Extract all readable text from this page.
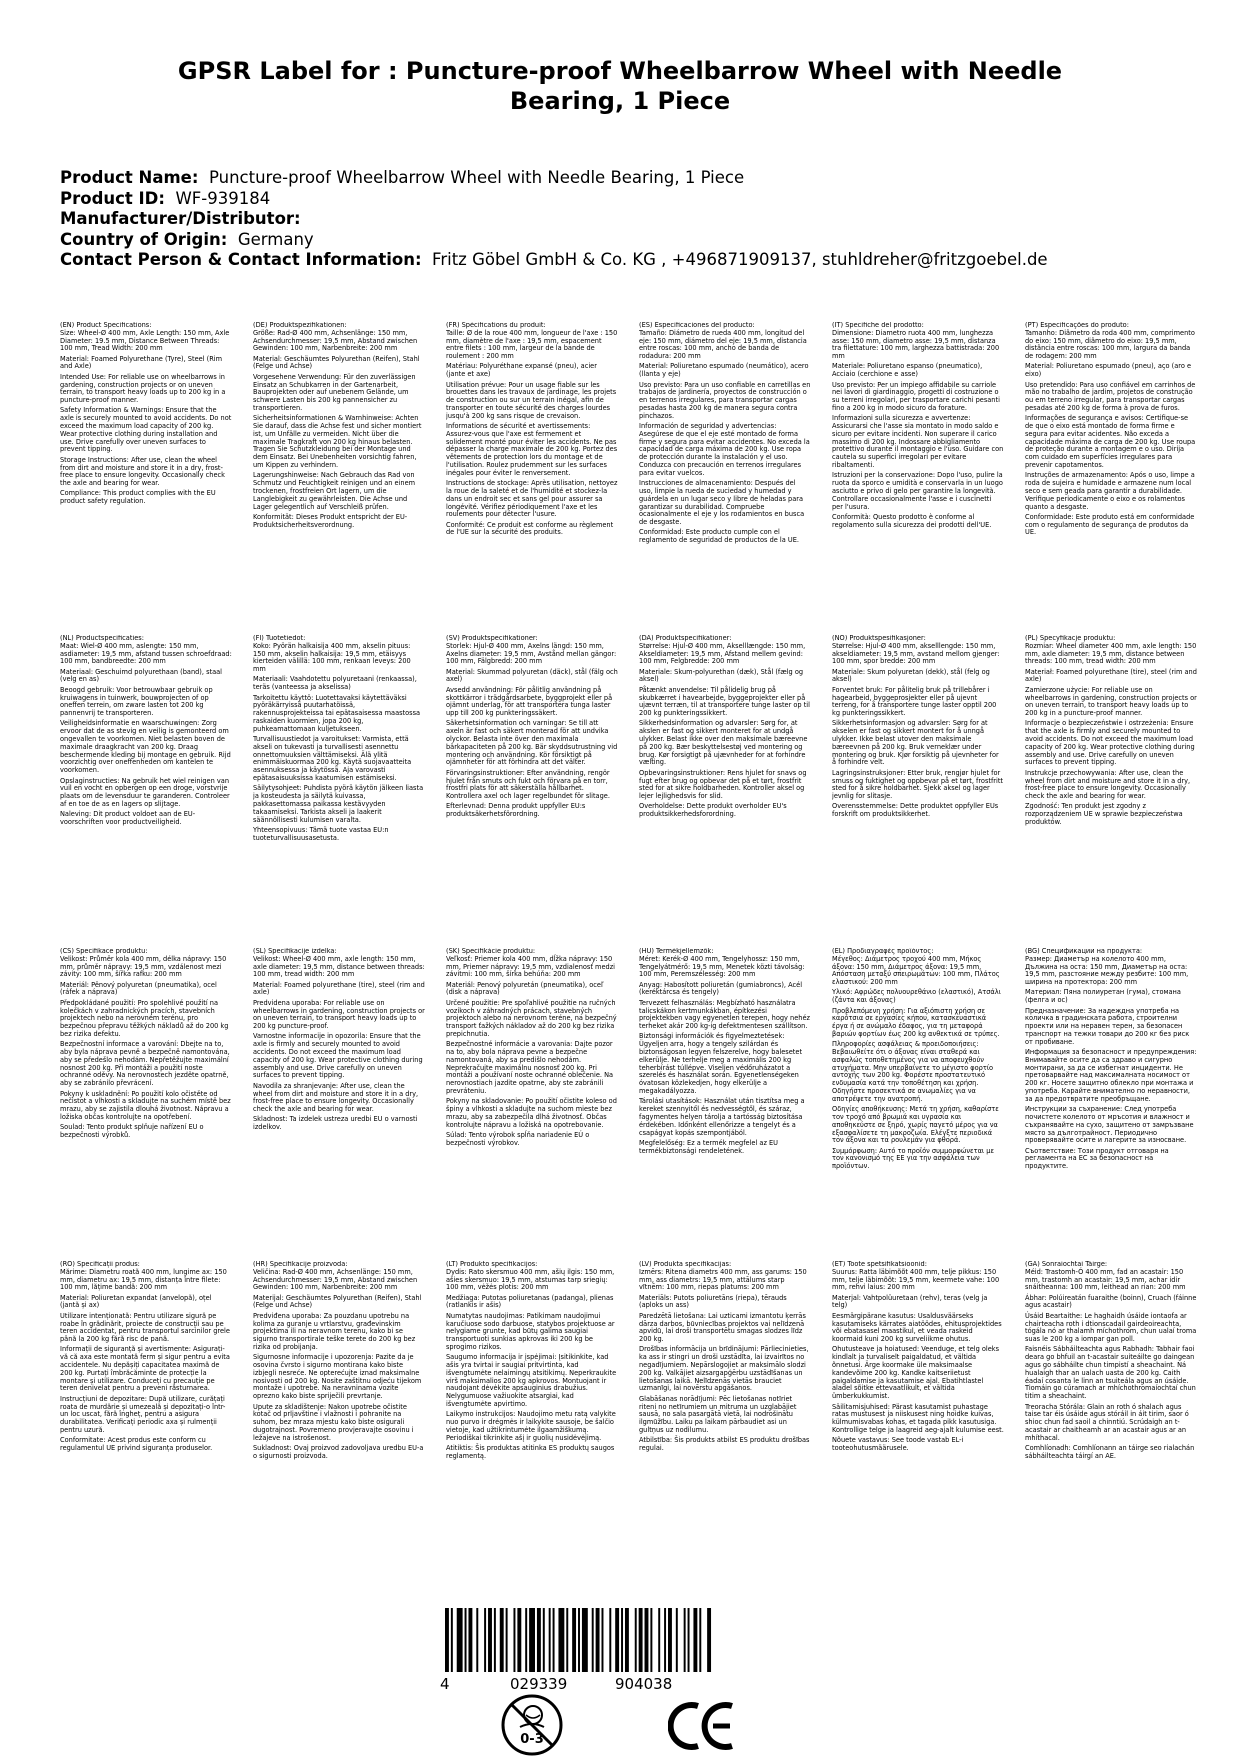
GPSR Label for : Puncture-proof Wheelbarrow Wheel with Needle Bearing, 1 Piece
Product Name: Puncture-proof Wheelbarrow Wheel with Needle Bearing, 1 Piece
Product ID: WF-939184
Manufacturer/Distributor:
Country of Origin: Germany
Contact Person & Contact Information: Fritz Göbel GmbH & Co. KG , +496871909137, stuhldreher@fritzgoebel.de

(EN) Product Specifications:
Size: Wheel-Ø 400 mm, Axle Length: 150 mm, Axle Diameter: 19.5 mm, Distance Between Threads: 100 mm, Tread Width: 200 mm

Material: Foamed Polyurethane (Tyre), Steel (Rim and Axle)

Intended Use: For reliable use on wheelbarrows in gardening, construction projects or on uneven terrain, to transport heavy loads up to 200 kg in a puncture-proof manner.

Safety Information & Warnings: Ensure that the axle is securely mounted to avoid accidents. Do not exceed the maximum load capacity of 200 kg. Wear protective clothing during installation and use. Drive carefully over uneven surfaces to prevent tipping.

Storage Instructions: After use, clean the wheel from dirt and moisture and store it in a dry, frost-free place to ensure longevity. Occasionally check the axle and bearing for wear.

Compliance: This product complies with the EU product safety regulation.

(DE) Produktspezifikationen:
Größe: Rad-Ø 400 mm, Achsenlänge: 150 mm, Achsendurchmesser: 19,5 mm, Abstand zwischen Gewinden: 100 mm, Narbenbreite: 200 mm

Material: Geschäumtes Polyurethan (Reifen), Stahl (Felge und Achse)

Vorgesehene Verwendung: Für den zuverlässigen Einsatz an Schubkarren in der Gartenarbeit, Bauprojekten oder auf unebenem Gelände, um schwere Lasten bis 200 kg pannensicher zu transportieren.

Sicherheitsinformationen & Warnhinweise: Achten Sie darauf, dass die Achse fest und sicher montiert ist, um Unfälle zu vermeiden. Nicht über die maximale Tragkraft von 200 kg hinaus belasten. Tragen Sie Schutzkleidung bei der Montage und dem Einsatz. Bei Unebenheiten vorsichtig fahren, um Kippen zu verhindern.

Lagerungshinweise: Nach Gebrauch das Rad von Schmutz und Feuchtigkeit reinigen und an einem trockenen, frostfreien Ort lagern, um die Langlebigkeit zu gewährleisten. Die Achse und Lager gelegentlich auf Verschleiß prüfen.

Konformität: Dieses Produkt entspricht der EU-Produktsicherheitsverordnung.

(FR) Spécifications du produit:
Taille: Ø de la roue 400 mm, longueur de l'axe : 150 mm, diamètre de l'axe : 19,5 mm, espacement entre filets : 100 mm, largeur de la bande de roulement : 200 mm

Matériau: Polyuréthane expansé (pneu), acier (jante et axe)

Utilisation prévue: Pour un usage fiable sur les brouettes dans les travaux de jardinage, les projets de construction ou sur un terrain inégal, afin de transporter en toute sécurité des charges lourdes jusqu'à 200 kg sans risque de crevaison.

Informations de sécurité et avertissements: Assurez-vous que l'axe est fermement et solidement monté pour éviter les accidents. Ne pas dépasser la charge maximale de 200 kg. Portez des vêtements de protection lors du montage et de l'utilisation. Roulez prudemment sur les surfaces inégales pour éviter le renversement.

Instructions de stockage: Après utilisation, nettoyez la roue de la saleté et de l'humidité et stockez-la dans un endroit sec et sans gel pour assurer sa longévité. Vérifiez périodiquement l'axe et les roulements pour détecter l'usure.

Conformité: Ce produit est conforme au règlement de l'UE sur la sécurité des produits.

(ES) Especificaciones del producto:
Tamaño: Diámetro de rueda 400 mm, longitud del eje: 150 mm, diámetro del eje: 19,5 mm, distancia entre roscas: 100 mm, ancho de banda de rodadura: 200 mm

Material: Poliuretano espumado (neumático), acero (llanta y eje)

Uso previsto: Para un uso confiable en carretillas en trabajos de jardinería, proyectos de construcción o en terrenos irregulares, para transportar cargas pesadas hasta 200 kg de manera segura contra pinchazos.

Información de seguridad y advertencias: Asegúrese de que el eje esté montado de forma firme y segura para evitar accidentes. No exceda la capacidad de carga máxima de 200 kg. Use ropa de protección durante la instalación y el uso. Conduzca con precaución en terrenos irregulares para evitar vuelcos.

Instrucciones de almacenamiento: Después del uso, limpie la rueda de suciedad y humedad y guárdela en un lugar seco y libre de heladas para garantizar su durabilidad. Compruebe ocasionalmente el eje y los rodamientos en busca de desgaste.

Conformidad: Este producto cumple con el reglamento de seguridad de productos de la UE.

(IT) Specifiche del prodotto:
Dimensione: Diametro ruota 400 mm, lunghezza asse: 150 mm, diametro asse: 19,5 mm, distanza tra filettature: 100 mm, larghezza battistrada: 200 mm

Materiale: Poliuretano espanso (pneumatico), Acciaio (cerchione e asse)

Uso previsto: Per un impiego affidabile su carriole nei lavori di giardinaggio, progetti di costruzione o su terreni irregolari, per trasportare carichi pesanti fino a 200 kg in modo sicuro da forature.

Informazioni sulla sicurezza e avvertenze: Assicurarsi che l'asse sia montato in modo saldo e sicuro per evitare incidenti. Non superare il carico massimo di 200 kg. Indossare abbigliamento protettivo durante il montaggio e l'uso. Guidare con cautela su superfici irregolari per evitare ribaltamenti.

Istruzioni per la conservazione: Dopo l'uso, pulire la ruota da sporco e umidità e conservarla in un luogo asciutto e privo di gelo per garantire la longevità. Controllare occasionalmente l'asse e i cuscinetti per l'usura.

Conformità: Questo prodotto è conforme al regolamento sulla sicurezza dei prodotti dell'UE.

(PT) Especificações do produto:
Tamanho: Diâmetro da roda 400 mm, comprimento do eixo: 150 mm, diâmetro do eixo: 19,5 mm, distância entre roscas: 100 mm, largura da banda de rodagem: 200 mm

Material: Poliuretano espumado (pneu), aço (aro e eixo)

Uso pretendido: Para uso confiável em carrinhos de mão no trabalho de jardim, projetos de construção ou em terreno irregular, para transportar cargas pesadas até 200 kg de forma à prova de furos.

Informações de segurança e avisos: Certifique-se de que o eixo está montado de forma firme e segura para evitar acidentes. Não exceda a capacidade máxima de carga de 200 kg. Use roupa de proteção durante a montagem e o uso. Dirija com cuidado em superfícies irregulares para prevenir capotamentos.

Instruções de armazenamento: Após o uso, limpe a roda de sujeira e humidade e armazene num local seco e sem geada para garantir a durabilidade. Verifique periodicamente o eixo e os rolamentos quanto a desgaste.

Conformidade: Este produto está em conformidade com o regulamento de segurança de produtos da UE.

(NL) Productspecificaties:
Maat: Wiel-Ø 400 mm, aslengte: 150 mm, asdiameter: 19,5 mm, afstand tussen schroefdraad: 100 mm, bandbreedte: 200 mm

Materiaal: Geschuimd polyurethaan (band), staal (velg en as)

Beoogd gebruik: Voor betrouwbaar gebruik op kruiwagens in tuinwerk, bouwprojecten of op oneffen terrein, om zware lasten tot 200 kg pannenvrij te transporteren.

Veiligheidsinformatie en waarschuwingen: Zorg ervoor dat de as stevig en veilig is gemonteerd om ongevallen te voorkomen. Niet belasten boven de maximale draagkracht van 200 kg. Draag beschermende kleding bij montage en gebruik. Rijd voorzichtig over oneffenheden om kantelen te voorkomen.

Opslaginstructies: Na gebruik het wiel reinigen van vuil en vocht en opbergen op een droge, vorstvrije plaats om de levensduur te garanderen. Controleer af en toe de as en lagers op slijtage.

Naleving: Dit product voldoet aan de EU-voorschriften voor productveiligheid.

(FI) Tuotetiedot:
Koko: Pyörän halkaisija 400 mm, akselin pituus: 150 mm, akselin halkaisija: 19,5 mm, etäisyys kierteiden välillä: 100 mm, renkaan leveys: 200 mm

Materiaali: Vaahdotettu polyuretaani (renkaassa), teräs (vanteessa ja akselissa)

Tarkoitettu käyttö: Luotettavaksi käytettäväksi pyöräkärryissä puutarhatöissä, rakennusprojekteissa tai epätasaisessa maastossa raskaiden kuormien, jopa 200 kg, puhkeamattomaan kuljetukseen.

Turvallisuustiedot ja varoitukset: Varmista, että akseli on tukevasti ja turvallisesti asennettu onnettomuuksien välttämiseksi. Älä ylitä enimmäiskuormaa 200 kg. Käytä suojavaatteita asennuksessa ja käytössä. Aja varovasti epätasaisuuksissa kaatumisen estämiseksi.

Säilytysohjeet: Puhdista pyörä käytön jälkeen liasta ja kosteudesta ja säilytä kuivassa, pakkasettomassa paikassa kestävyyden takaamiseksi. Tarkista akseli ja laakerit säännöllisesti kulumisen varalta.

Yhteensopivuus: Tämä tuote vastaa EU:n tuoteturvallisuusasetusta.

(SV) Produktspecifikationer:
Storlek: Hjul-Ø 400 mm, Axelns längd: 150 mm, Axelns diameter: 19,5 mm, Avstånd mellan gängor: 100 mm, Fälgbredd: 200 mm

Material: Skummad polyuretan (däck), stål (fälg och axel)

Avsedd användning: För pålitlig användning på skottkärror i trädgårdsarbete, byggprojekt eller på ojämnt underlag, för att transportera tunga laster upp till 200 kg punkteringssäkert.

Säkerhetsinformation och varningar: Se till att axeln är fast och säkert monterad för att undvika olyckor. Belasta inte över den maximala bärkapaciteten på 200 kg. Bär skyddsutrustning vid montering och användning. Kör försiktigt på ojämnheter för att förhindra att det välter.

Förvaringsinstruktioner: Efter användning, rengör hjulet från smuts och fukt och förvara på en torr, frostfri plats för att säkerställa hållbarhet. Kontrollera axel och lager regelbundet för slitage.

Efterlevnad: Denna produkt uppfyller EU:s produktsäkerhetsförordning.

(DA) Produktspecifikationer:
Størrelse: Hjul-Ø 400 mm, Akselllængde: 150 mm, Akseldiameter: 19,5 mm, Afstand mellem gevind: 100 mm, Felgbredde: 200 mm

Materiale: Skum-polyurethan (dæk), Stål (fælg og aksel)

Påtænkt anvendelse: Til pålidelig brug på skubkærret i havearbejde, byggeprojekter eller på ujævnt terræn, til at transportere tunge laster op til 200 kg punkteringssikkert.

Sikkerhedsinformation og advarsler: Sørg for, at akslen er fast og sikkert monteret for at undgå ulykker. Belast ikke over den maksimale bæreevne på 200 kg. Bær beskyttelsestøj ved montering og brug. Kør forsigtigt på ujævnheder for at forhindre vælting.

Opbevaringsinstruktioner: Rens hjulet for snavs og fugt efter brug og opbevar det på et tørt, frostfrit sted for at sikre holdbarheden. Kontroller aksel og lejer lejlighedsvis for slid.

Overholdelse: Dette produkt overholder EU's produktsikkerhedsforordning.

(NO) Produktspesifikasjoner:
Størrelse: Hjul-Ø 400 mm, akselllengde: 150 mm, akseldiameter: 19,5 mm, avstand mellom gjenger: 100 mm, spor bredde: 200 mm

Materiale: Skum polyuretan (dekk), stål (felg og aksel)

Forventet bruk: For pålitelig bruk på trillebårer i hagearbeid, byggeprosjekter eller på ujevnt terreng, for å transportere tunge laster opptil 200 kg punkteringssikkert.

Sikkerhetsinformasjon og advarsler: Sørg for at akselen er fast og sikkert montert for å unngå ulykker. Ikke belast utover den maksimale bæreevnen på 200 kg. Bruk verneklær under montering og bruk. Kjør forsiktig på ujevnheter for å forhindre velt.

Lagringsinstruksjoner: Etter bruk, rengjør hjulet for smuss og fuktighet og oppbevar på et tørt, frostfritt sted for å sikre holdbarhet. Sjekk aksel og lager jevnlig for slitasje.

Overensstemmelse: Dette produktet oppfyller EUs forskrift om produktsikkerhet.

(PL) Specyfikacje produktu:
Rozmiar: Wheel diameter 400 mm, axle length: 150 mm, axle diameter: 19,5 mm, distance between threads: 100 mm, tread width: 200 mm

Materiał: Foamed polyurethane (tire), steel (rim and axle)

Zamierzone użycie: For reliable use on wheelbarrows in gardening, construction projects or on uneven terrain, to transport heavy loads up to 200 kg in a puncture-proof manner.

Informacje o bezpieczeństwie i ostrzeżenia: Ensure that the axle is firmly and securely mounted to avoid accidents. Do not exceed the maximum load capacity of 200 kg. Wear protective clothing during assembly and use. Drive carefully on uneven surfaces to prevent tipping.

Instrukcje przechowywania: After use, clean the wheel from dirt and moisture and store it in a dry, frost-free place to ensure longevity. Occasionally check the axle and bearing for wear.

Zgodność: Ten produkt jest zgodny z rozporządzeniem UE w sprawie bezpieczeństwa produktów.

(CS) Specifikace produktu:
Velikost: Průměr kola 400 mm, délka nápravy: 150 mm, průměr nápravy: 19,5 mm, vzdálenost mezi závity: 100 mm, šířka rafku: 200 mm

Materiál: Pěnový polyuretan (pneumatika), ocel (ráfek a náprava)

Předpokládané použití: Pro spolehlivé použití na kolečkách v zahradnických pracích, stavebních projektech nebo na nerovném terénu, pro bezpečnou přepravu těžkých nákladů až do 200 kg bez rizika defektu.

Bezpečnostní informace a varování: Dbejte na to, aby byla náprava pevně a bezpečně namontována, aby se předešlo nehodám. Nepřetěžujte maximální nosnost 200 kg. Při montáži a použití noste ochranné oděvy. Na nerovnostech jezděte opatrně, aby se zabránilo převrácení.

Pokyny k uskladnění: Po použití kolo očistěte od nečistot a vlhkosti a skladujte na suchém místě bez mrazu, aby se zajistila dlouhá životnost. Nápravu a ložiska občas kontrolujte na opotřebení.

Soulad: Tento produkt splňuje nařízení EU o bezpečnosti výrobků.

(SL) Specifikacije izdelka:
Velikost: Wheel-Ø 400 mm, axle length: 150 mm, axle diameter: 19,5 mm, distance between threads: 100 mm, tread width: 200 mm

Material: Foamed polyurethane (tire), steel (rim and axle)

Predvidena uporaba: For reliable use on wheelbarrows in gardening, construction projects or on uneven terrain, to transport heavy loads up to 200 kg puncture-proof.

Varnostne informacije in opozorila: Ensure that the axle is firmly and securely mounted to avoid accidents. Do not exceed the maximum load capacity of 200 kg. Wear protective clothing during assembly and use. Drive carefully on uneven surfaces to prevent tipping.

Navodila za shranjevanje: After use, clean the wheel from dirt and moisture and store it in a dry, frost-free place to ensure longevity. Occasionally check the axle and bearing for wear.

Skladnost: Ta izdelek ustreza uredbi EU o varnosti izdelkov.

(SK) Špecifikácie produktu:
Veľkosť: Priemer kola 400 mm, dĺžka nápravy: 150 mm, Priemer nápravy: 19,5 mm, vzdialenosť medzi závitmi: 100 mm, šírka behúňa: 200 mm

Materiál: Penový polyuretán (pneumatika), oceľ (disk a náprava)

Určené použitie: Pre spoľahlivé použitie na ručných vozíkoch v záhradných prácach, stavebných projektoch alebo na nerovnom teréne, na bezpečný transport ťažkých nákladov až do 200 kg bez rizika prepichnutia.

Bezpečnostné informácie a varovania: Dajte pozor na to, aby bola náprava pevne a bezpečne namontovaná, aby sa predišlo nehodám. Neprekračujte maximálnu nosnosť 200 kg. Pri montáži a používaní noste ochranné oblečenie. Na nerovnostiach jazdite opatrne, aby ste zabránili prevráteniu.

Pokyny na skladovanie: Po použití očistite koleso od špiny a vlhkosti a skladujte na suchom mieste bez mrazu, aby sa zabezpečila dlhá životnosť. Občas kontrolujte nápravu a ložiská na opotrebovanie.

Súlad: Tento výrobok spĺňa nariadenie EÚ o bezpečnosti výrobkov.

(HU) Termékjellemzők:
Méret: Kerék-Ø 400 mm, Tengelyhossz: 150 mm, Tengelyátmérő: 19,5 mm, Menetek közti távolság: 100 mm, Peremszélesség: 200 mm

Anyag: Habosított poliuretán (gumiabroncs), Acél (keréktárcsa és tengely)

Tervezett felhasználás: Megbízható használatra talicskákon kertmunkákban, építkezési projektekben vagy egyenetlen terepen, hogy nehéz terheket akár 200 kg-ig defektmentesen szállítson.

Biztonsági információk és figyelmeztetések: Ügyeljen arra, hogy a tengely szilárdan és biztonságosan legyen felszerelve, hogy balesetet elkerülje. Ne terhelje meg a maximális 200 kg teherbírást túllépve. Viseljen védőruházatot a szerelés és használat során. Egyenetlenségeken óvatosan közlekedjen, hogy elkerülje a megakadályozza.

Tárolási utasítások: Használat után tisztítsa meg a kereket szennyitől és nedvességtől, és száraz, fagymentes helyen tárolja a tartósság biztosítása érdekében. Időnként ellenőrizze a tengelyt és a csapágyat kopás szempontjából.

Megfelelőség: Ez a termék megfelel az EU termékbiztonsági rendeletének.

(EL) Προδιαγραφές προϊόντος:
Μέγεθος: Διάμετρος τροχού 400 mm, Μήκος άξονα: 150 mm, Διάμετρος άξονα: 19,5 mm, Απόσταση μεταξύ σπειρωμάτων: 100 mm, Πλάτος ελαστικού: 200 mm

Υλικό: Αφρώδες πολυουρεθάνιο (ελαστικό), Ατσάλι (ζάντα και άξονας)

Προβλεπόμενη χρήση: Για αξιόπιστη χρήση σε καρότσια σε εργασίες κήπου, κατασκευαστικά έργα ή σε ανώμαλο έδαφος, για τη μεταφορά βαριών φορτίων έως 200 kg ανθεκτικά σε τρύπες.

Πληροφορίες ασφάλειας & προειδοποιήσεις: Βεβαιωθείτε ότι ο άξονας είναι σταθερά και ασφαλώς τοποθετημένος για να αποφευχθούν ατυχήματα. Μην υπερβαίνετε το μέγιστο φορτίο αντοχής των 200 kg. Φορέστε προστατευτικό ενδυμασία κατά την τοποθέτηση και χρήση. Οδηγήστε προσεκτικά σε ανωμαλίες για να αποτρέψετε την ανατροπή.

Οδηγίες αποθήκευσης: Μετά τη χρήση, καθαρίστε τον τροχό από βρωμιά και υγρασία και αποθηκεύστε σε ξηρό, χωρίς παγετό μέρος για να εξασφαλίσετε τη μακροζωία. Ελέγξτε περιοδικά τον άξονα και τα ρουλεμάν για φθορά.

Συμμόρφωση: Αυτό το προϊόν συμμορφώνεται με τον κανονισμό της ΕΕ για την ασφάλεια των προϊόντων.

(BG) Спецификации на продукта:
Размер: Диаметър на колелото 400 mm, Дължина на оста: 150 mm, Диаметър на оста: 19,5 mm, разстояние между резбите: 100 mm, ширина на протектора: 200 mm

Материал: Пяна полиуретан (гума), стомана (фелга и ос)

Предназначение: За надеждна употреба на количка в градинската работа, строителни проекти или на неравен терен, за безопасен транспорт на тежки товари до 200 кг без риск от пробиване.

Информация за безопасност и предупреждения: Внимавайте осите да са здраво и сигурно монтирани, за да се избегнат инциденти. Не претоварвайте над максималната носимост от 200 кг. Носете защитно облекло при монтажа и употреба. Карайте внимателно по неравности, за да предотвратите преобръщане.

Инструкции за съхранение: След употреба почистете колелото от мръсотия и влажност и съхранявайте на сухо, защитено от замръзване място за дълготрайност. Периодично проверявайте осите и лагерите за износване.

Съответствие: Този продукт отговаря на регламента на ЕС за безопасност на продуктите.

(RO) Specificații produs:
Mărime: Diametru roată 400 mm, lungime ax: 150 mm, diametru ax: 19,5 mm, distanța între filete: 100 mm, lățime bandă: 200 mm

Material: Poliuretan expandat (anvelopă), oțel (jantă și ax)

Utilizare intenționată: Pentru utilizare sigură pe roabe în grădinărit, proiecte de construcții sau pe teren accidentat, pentru transportul sarcinilor grele până la 200 kg fără risc de pană.

Informații de siguranță și avertismente: Asigurați-vă că axa este montată ferm și sigur pentru a evita accidentele. Nu depășiți capacitatea maximă de 200 kg. Purtați îmbrăcăminte de protecție la montare și utilizare. Conduceți cu precauție pe teren denivelat pentru a preveni răsturnarea.

Instrucțiuni de depozitare: După utilizare, curățați roata de murdărie și umezeală și depozitați-o într-un loc uscat, fără îngheț, pentru a asigura durabilitatea. Verificați periodic axa și rulmenții pentru uzură.

Conformitate: Acest produs este conform cu regulamentul UE privind siguranța produselor.

(HR) Specifikacije proizvoda:
Veličina: Rad-Ø 400 mm, Achsenlänge: 150 mm, Achsendurchmesser: 19,5 mm, Abstand zwischen Gewinden: 100 mm, Narbenbreite: 200 mm

Materijal: Geschäumtes Polyurethan (Reifen), Stahl (Felge und Achse)

Predviđena uporaba: Za pouzdanu upotrebu na kolima za guranje u vrtlarstvu, građevinskim projektima ili na neravnom terenu, kako bi se sigurno transportirale teške terete do 200 kg bez rizika od probijanja.

Sigurnosne informacije i upozorenja: Pazite da je osovina čvrsto i sigurno montirana kako biste izbjegli nesreće. Ne opterećujte iznad maksimalne nosivosti od 200 kg. Nosite zaštitnu odjeću tijekom montaže i upotrebe. Na neravninama vozite oprezno kako biste spriječili prevrtanje.

Upute za skladištenje: Nakon upotrebe očistite kotač od prljavštine i vlažnosti i pohranite na suhom, bez mraza mjestu kako biste osigurali dugotrajnost. Povremeno provjeravajte osovinu i ležajeve na istrošenost.

Sukladnost: Ovaj proizvod zadovoljava uredbu EU-a o sigurnosti proizvoda.

(LT) Produkto specifikacijos:
Dydis: Rato skersmuo 400 mm, ašių ilgis: 150 mm, ašies skersmuo: 19,5 mm, atstumas tarp sriegių: 100 mm, vėžės plotis: 200 mm

Medžiaga: Putotas poliuretanas (padanga), plienas (ratlankis ir ašis)

Numatytas naudojimas: Patikimam naudojimui karučiuose sodo darbuose, statybos projektuose ar nelygiame grunte, kad būtų galima saugiai transportuoti sunkias apkrovas iki 200 kg be sprogimo rizikos.

Saugumo informacija ir įspėjimai: Įsitikinkite, kad ašis yra tvirtai ir saugiai pritvirtinta, kad išvengtumėte nelaimingų atsitikimų. Neperkraukite virš maksimalios 200 kg apkrovos. Montuojant ir naudojant dėvėkite apsauginius drabužius. Nelygumuose važiuokite atsargiai, kad išvengtumėte apvirtimo.

Laikymo instrukcijos: Naudojimo metu ratą valykite nuo purvo ir drėgmės ir laikykite sausoje, be šalčio vietoje, kad užtikrintumėte ilgaamžiškumą. Periodiškai tikrinkite ašį ir guolių nusidėvėjimą.

Atitiktis: Šis produktas atitinka ES produktų saugos reglamentą.

(LV) Produkta specifikācijas:
Izmērs: Ritena diametrs 400 mm, ass garums: 150 mm, ass diametrs: 19,5 mm, attālums starp vītnēm: 100 mm, riepas platums: 200 mm

Materiāls: Putots poliuretāns (riepa), tērauds (aploks un ass)

Paredzētā lietošana: Lai uzticami izmantotu ķerrās dārza darbos, būvniecības projektos vai nelīdzenā apvidū, lai droši transportētu smagas slodzes līdz 200 kg.

Drošības informācija un brīdinājumi: Pārliecinieties, ka ass ir stingri un droši uzstādīta, lai izvairītos no negadījumiem. Nepārslogojiet ar maksimālo slodzi 200 kg. Valkājiet aizsargapģērbu uzstādīšanas un lietošanas laikā. Nelīdzenās vietās brauciet uzmanīgi, lai novērstu apgāšanos.

Glabāšanas norādījumi: Pēc lietošanas notīriet riteni no netīrumiem un mitruma un uzglabājiet sausā, no sala pasargātā vietā, lai nodrošinātu ilgmūžību. Laiku pa laikam pārbaudiet asi un gultņus uz nodilumu.

Atbilstība: Šis produkts atbilst ES produktu drošības regulai.

(ET) Toote spetsifikatsioonid:
Suurus: Ratta läbimõõt 400 mm, telje pikkus: 150 mm, telje läbimõõt: 19,5 mm, keermete vahe: 100 mm, rehvi laius: 200 mm

Materjal: Vahtpolüuretaan (rehv), teras (velg ja telg)

Eesmärgipärane kasutus: Usaldusväärseks kasutamiseks kärrates aiatöödes, ehitusprojektides või ebatasasel maastikul, et veada raskeid koormaid kuni 200 kg surveliikme ohutus.

Ohutusteave ja hoiatused: Veenduge, et telg oleks kindlalt ja turvaliselt paigaldatud, et vältida õnnetusi. Ärge koormake üle maksimaalse kandevõime 200 kg. Kandke kaitseriietust paigaldamise ja kasutamise ajal. Ebatihtlastel aladel sõitke ettevaatlikult, et vältida ümberkukkumist.

Säilitamisjuhised: Pärast kasutamist puhastage ratas mustusest ja niiskusest ning hoidke kuivas, külmumisvabas kohas, et tagada pikk kasutusiga. Kontrollige telge ja laagreid aeg-ajalt kulumise eest.

Nõuete vastavus: See toode vastab EL-i tooteohutusmäärusele.

(GA) Sonraíochtaí Táirge:
Méid: Trastomh-Ó 400 mm, fad an acastair: 150 mm, trastomh an acastair: 19,5 mm, achar idir snáitheanna: 100 mm, leithead an rian: 200 mm

Ábhar: Polúireatán fuaraithe (boinn), Cruach (fáinne agus acastair)

Úsáid Beartaithe: Le haghaidh úsáide iontaofa ar chairteacha roth i dtionscadail gairdeoireachta, tógála nó ar thalamh míchothrom, chun ualaí troma suas le 200 kg a iompar gan poll.

Faisnéis Sábháilteachta agus Rabhadh: Tabhair faoi deara go bhfuil an t-acastair suiteáilte go daingean agus go sábháilte chun timpistí a sheachaint. Ná hualaigh thar an ualach uasta de 200 kg. Caith éadaí cosanta le linn an tsuiteála agus an úsáide. Tiomáin go cúramach ar mhíchothromaíochtaí chun titim a sheachaint.

Treoracha Stórála: Glain an roth ó shalach agus taise tar éis úsáide agus stóráil in áit tirim, saor ó shioc chun fad saoil a chinntiú. Scrúdaigh an t-acastair ar chaitheamh ar an acastair agus ar an mhíthacal.

Comhlíonadh: Comhlíonann an táirge seo rialachán sábháilteachta táirgí an AE.

4	029339	904038
0-3
